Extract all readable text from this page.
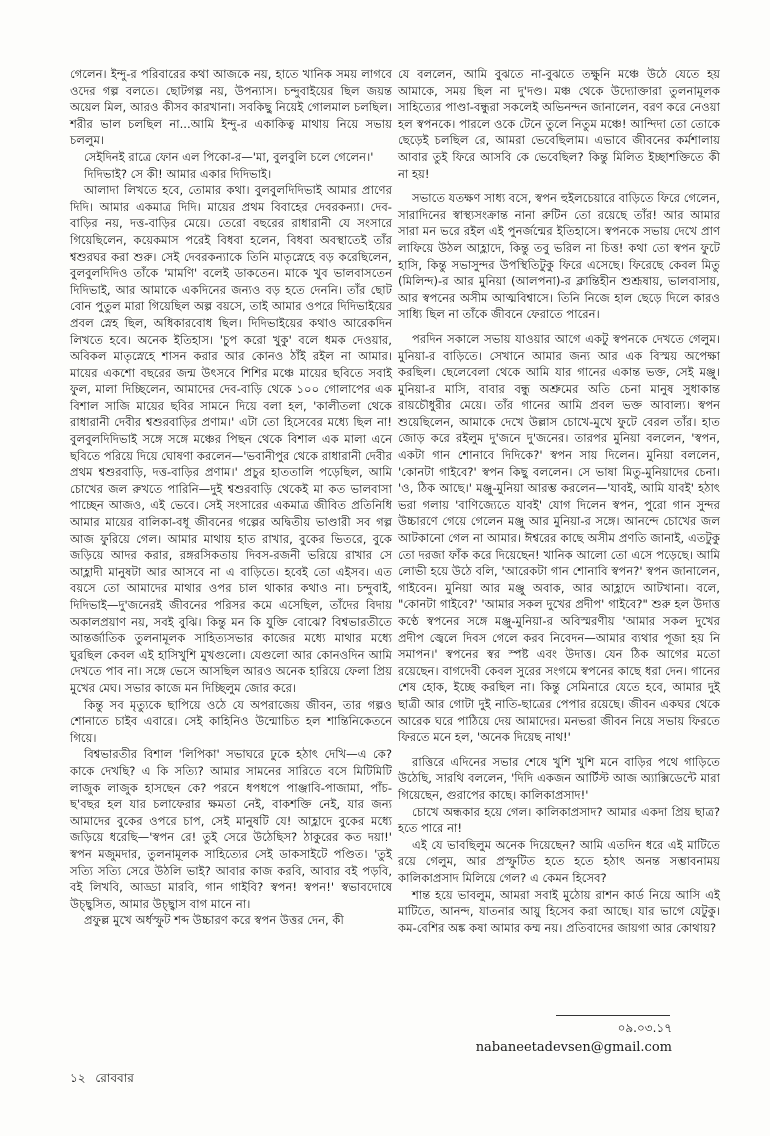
গেলেন। ইন্দু-র পরিবারের কথা আজকে নয়, হাতে খানিক সময় লাগবে ওদের গল্প বলতে। ছোটগল্প নয়, উপন্যাস। চন্দুবাইয়ের ছিল জয়ন্ত অয়েল মিল, আরও কীসব কারখানা। সবকিছু নিয়েই গোলমাল চলছিল। শরীর ভাল চলছিল না...আমি ইন্দু-র একাকিত্ব মাথায় নিয়ে সভায় চললুম।

সেইদিনই রাত্রে ফোন এল পিকো-র—'মা, বুলবুলি চলে গেলেন।'

দিদিভাই? সে কী! আমার একার দিদিভাই।

আলাদা লিখতে হবে, তোমার কথা। বুলবুলদিদিভাই আমার প্রাণের দিদি। আমার একমাত্র দিদি। মায়ের প্রথম বিবাহের দেবরকন্যা। দেব-বাড়ির নয়, দত্ত-বাড়ির মেয়ে। তেরো বছরের রাধারানী যে সংসারে গিয়েছিলেন, কয়েকমাস পরেই বিধবা হলেন, বিধবা অবস্থাতেই তাঁর শ্বশুরঘর করা শুরু। সেই দেবরকন্যাকে তিনি মাতৃস্নেহে বড় করেছিলেন, বুলবুলদিদিও তাঁকে 'মামণি' বলেই ডাকতেন। মাকে খুব ভালবাসতেন দিদিভাই, আর আমাকে একদিনের জন্যও বড় হতে দেননি। তাঁর ছোট বোন পুতুল মারা গিয়েছিল অল্প বয়সে, তাই আমার ওপরে দিদিভাইয়ের প্রবল স্নেহ ছিল, অধিকারবোধ ছিল। দিদিভাইয়ের কথাও আরেকদিন লিখতে হবে। অনেক ইতিহাস। 'চুপ করো খুকু' বলে ধমক দেওয়ার, অবিকল মাতৃস্নেহে শাসন করার আর কোনও ঠাঁই রইল না আমার। মায়ের একশো বছরের জন্ম উৎসবে শিশির মঞ্চে মায়ের ছবিতে সবাই ফুল, মালা দিচ্ছিলেন, আমাদের দেব-বাড়ি থেকে ১০০ গোলাপের এক বিশাল সাজি মায়ের ছবির সামনে দিয়ে বলা হল, 'কালীতলা থেকে রাধারানী দেবীর শ্বশুরবাড়ির প্রণাম।' এটা তো হিসেবের মধ্যে ছিল না! বুলবুলদিদিভাই সঙ্গে সঙ্গে মঞ্চের পিছন থেকে বিশাল এক মালা এনে ছবিতে পরিয়ে দিয়ে ঘোষণা করলেন—'ভবানীপুর থেকে রাধারানী দেবীর প্রথম শ্বশুরবাড়ি, দত্ত-বাড়ির প্রণাম।' প্রচুর হাততালি পড়েছিল, আমি চোখের জল রুখতে পারিনি—দুই শ্বশুরবাড়ি থেকেই মা কত ভালবাসা পাচ্ছেন আজও, এই ভেবে। সেই সংসারের একমাত্র জীবিত প্রতিনিধি আমার মায়ের বালিকা-বধূ জীবনের গল্পের অদ্বিতীয় ভাণ্ডারী সব গল্প আজ ফুরিয়ে গেল। আমার মাথায় হাত রাখার, বুকের ভিতরে, বুকে জড়িয়ে আদর করার, রঙ্গরসিকতায় দিবস-রজনী ভরিয়ে রাখার সে আহ্লাদী মানুষটা আর আসবে না এ বাড়িতে। হবেই তো এইসব। এত বয়সে তো আমাদের মাথার ওপর চাল থাকার কথাও না। চন্দুবাই, দিদিভাই—দু'জনেরই জীবনের পরিসর কমে এসেছিল, তাঁদের বিদায় অকালপ্রয়াণ নয়, সবই বুঝি। কিন্তু মন কি যুক্তি বোঝে? বিশ্বভারতীতে আন্তর্জাতিক তুলনামূলক সাহিত্যসভার কাজের মধ্যে মাথার মধ্যে ঘুরছিল কেবল এই হাসিখুশি মুখগুলো। যেগুলো আর কোনওদিন আমি দেখতে পাব না। সঙ্গে ভেসে আসছিল আরও অনেক হারিয়ে ফেলা প্রিয় মুখের মেঘ। সভার কাজে মন দিচ্ছিলুম জোর করে।

কিন্তু সব মৃত্যুকে ছাপিয়ে ওঠে যে অপরাজেয় জীবন, তার গল্পও শোনাতে চাইব এবারে। সেই কাহিনিও উন্মোচিত হল শান্তিনিকেতনে গিয়ে।

বিশ্বভারতীর বিশাল 'লিপিকা' সভাঘরে ঢুকে হঠাৎ দেখি—এ কে? কাকে দেখছি? এ কি সত্যি? আমার সামনের সারিতে বসে মিটিমিটি লাজুক লাজুক হাসছেন কে? পরনে ধপধপে পাঞ্জাবি-পাজামা, পাঁচ-ছ'বছর হল যার চলাফেরার ক্ষমতা নেই, বাকশক্তি নেই, যার জন্য আমাদের বুকের ওপরে চাপ, সেই মানুষটি যে! আহ্লাদে বুকের মধ্যে জড়িয়ে ধরেছি—'স্বপন রে! তুই সেরে উঠেছিস? ঠাকুরের কত দয়া!' স্বপন মজুমদার, তুলনামূলক সাহিত্যের সেই ডাকসাইটে পণ্ডিত। 'তুই সত্যি সত্যি সেরে উঠলি ভাই? আবার কাজ করবি, আবার বই পড়বি, বই লিখবি, আড্ডা মারবি, গান গাইবি? স্বপন! স্বপন!' স্বভাবদোষে উচ্ছ্বসিত, আমার উচ্ছ্বাস বাগ মানে না।

প্রফুল্ল মুখে অর্ধস্ফুট শব্দ উচ্চারণ করে স্বপন উত্তর দেন, কী

যে বললেন, আমি বুঝতে না-বুঝতে তক্ষুনি মঞ্চে উঠে যেতে হয় আমাকে, সময় ছিল না দু'দণ্ড। মঞ্চ থেকে উদ্যোক্তারা তুলনামূলক সাহিত্যের পাণ্ডা-বন্ধুরা সকলেই অভিনন্দন জানালেন, বরণ করে নেওয়া হল স্বপনকে। পারলে ওকে টেনে তুলে নিতুম মঞ্চে! আন্দিদা তো তোকে ছেড়েই চলছিল রে, আমরা ভেবেছিলাম। এভাবে জীবনের কর্মশালায় আবার তুই ফিরে আসবি কে ভেবেছিল? কিন্তু মিলিত ইচ্ছাশক্তিতে কী না হয়!

সভাতে যতক্ষণ সাধ্য বসে, স্বপন হুইলচেয়ারে বাড়িতে ফিরে গেলেন, সারাদিনের স্বাস্থ্যসংক্রান্ত নানা রুটিন তো রয়েছে তাঁর! আর আমার সারা মন ভরে রইল এই পুনর্জন্মের ইতিহাসে। স্বপনকে সভায় দেখে প্রাণ লাফিয়ে উঠল আহ্লাদে, কিন্তু তবু ভরিল না চিত্ত! কথা তো স্বপন ফুটে হাসি, কিন্তু সভাসুন্দর উপস্থিতিটুকু ফিরে এসেছে। ফিরেছে কেবল মিতু (মিলিন্দ)-র আর মুনিয়া (আলপনা)-র ক্লান্তিহীন শুশ্রূষায়, ভালবাসায়, আর স্বপনের অসীম আত্মবিশ্বাসে। তিনি নিজে হাল ছেড়ে দিলে কারও সাধ্যি ছিল না তাঁকে জীবনে ফেরাতে পারেন।

পরদিন সকালে সভায় যাওয়ার আগে একটু স্বপনকে দেখতে গেলুম। মুনিয়া-র বাড়িতে। সেখানে আমার জন্য আর এক বিস্ময় অপেক্ষা করছিল। ছেলেবেলা থেকে আমি যার গানের একান্ত ভক্ত, সেই মঞ্জু। মুনিয়া-র মাসি, বাবার বন্ধু অশ্রুমের অতি চেনা মানুষ সুধাকান্ত রায়চৌধুরীর মেয়ে। তাঁর গানের আমি প্রবল ভক্ত আবাল্য। স্বপন শুয়েছিলেন, আমাকে দেখে উল্লাস চোখে-মুখে ফুটে বেরল তাঁর। হাত জোড় করে রইলুম দু'জনে দু'জনের। তারপর মুনিয়া বললেন, 'স্বপন, একটা গান শোনাবে দিদিকে?' স্বপন সায় দিলেন। মুনিয়া বললেন, 'কোনটা গাইবে?' স্বপন কিছু বললেন। সে ভাষা মিতু-মুনিয়াদের চেনা। 'ও, ঠিক আছে।' মঞ্জু-মুনিয়া আরম্ভ করলেন—'যাবই, আমি যাবই' হঠাৎ ভরা গলায় 'বাণিজ্যেতে যাবই' যোগ দিলেন স্বপন, পুরো গান সুন্দর উচ্চারণে গেয়ে গেলেন মঞ্জু আর মুনিয়া-র সঙ্গে। আনন্দে চোখের জল আটকানো গেল না আমার। ঈশ্বরের কাছে অসীম প্রণতি জানাই, এতটুকু তো দরজা ফাঁক করে দিয়েছেন! খানিক আলো তো এসে পড়েছে। আমি লোভী হয়ে উঠে বলি, 'আরেকটা গান শোনাবি স্বপন?' স্বপন জানালেন, গাইবেন। মুনিয়া আর মঞ্জু অবাক, আর আহ্লাদে আটখানা। বলে, "কোনটা গাইবে?' 'আমার সকল দুখের প্রদীপ' গাইবে?" শুরু হল উদাত্ত কণ্ঠে স্বপনের সঙ্গে মঞ্জু-মুনিয়া-র অবিস্মরণীয় 'আমার সকল দুখের প্রদীপ জ্বেলে দিবস গেলে করব নিবেদন—আমার ব্যথার পূজা হয় নি সমাপন।' স্বপনের স্বর স্পষ্ট এবং উদাত্ত। যেন ঠিক আগের মতো রয়েছেন। বাগদেবী কেবল সুরের সংগমে স্বপনের কাছে ধরা দেন। গানের শেষ হোক, ইচ্ছে করছিল না। কিন্তু সেমিনারে যেতে হবে, আমার দুই ছাত্রী আর গোটা দুই নাতি-ছাত্রের পেপার রয়েছে। জীবন একঘর থেকে আরেক ঘরে পাঠিয়ে দেয় আমাদের। মনভরা জীবন নিয়ে সভায় ফিরতে ফিরতে মনে হল, 'অনেক দিয়েছ নাথ!'

রাত্তিরে এদিনের সভার শেষে খুশি খুশি মনে বাড়ির পথে গাড়িতে উঠেছি, সারথি বললেন, 'দিদি একজন আর্টিস্ট আজ অ্যাক্সিডেন্টে মারা গিয়েছেন, গুরাপের কাছে। কালিকাপ্রসাদ!'

চোখে অন্ধকার হয়ে গেল। কালিকাপ্রসাদ? আমার একদা প্রিয় ছাত্র? হতে পারে না!

এই যে ভাবছিলুম অনেক দিয়েছেন? আমি এতদিন ধরে এই মাটিতে রয়ে গেলুম, আর প্রস্ফুটিত হতে হতে হঠাৎ অনন্ত সম্ভাবনাময় কালিকাপ্রসাদ মিলিয়ে গেল? এ কেমন হিসেব?

শান্ত হয়ে ভাবলুম, আমরা সবাই মুঠোয় রাশন কার্ড নিয়ে আসি এই মাটিতে, আনন্দ, যাতনার আয়ু হিসেব করা আছে। যার ভাগে যেটুকু। কম-বেশির অঙ্ক কষা আমার কম্ম নয়। প্রতিবাদের জায়গা আর কোথায়?

০৯.০৩.১৭
nabaneetadevsen@gmail.com
১২ রোববার
